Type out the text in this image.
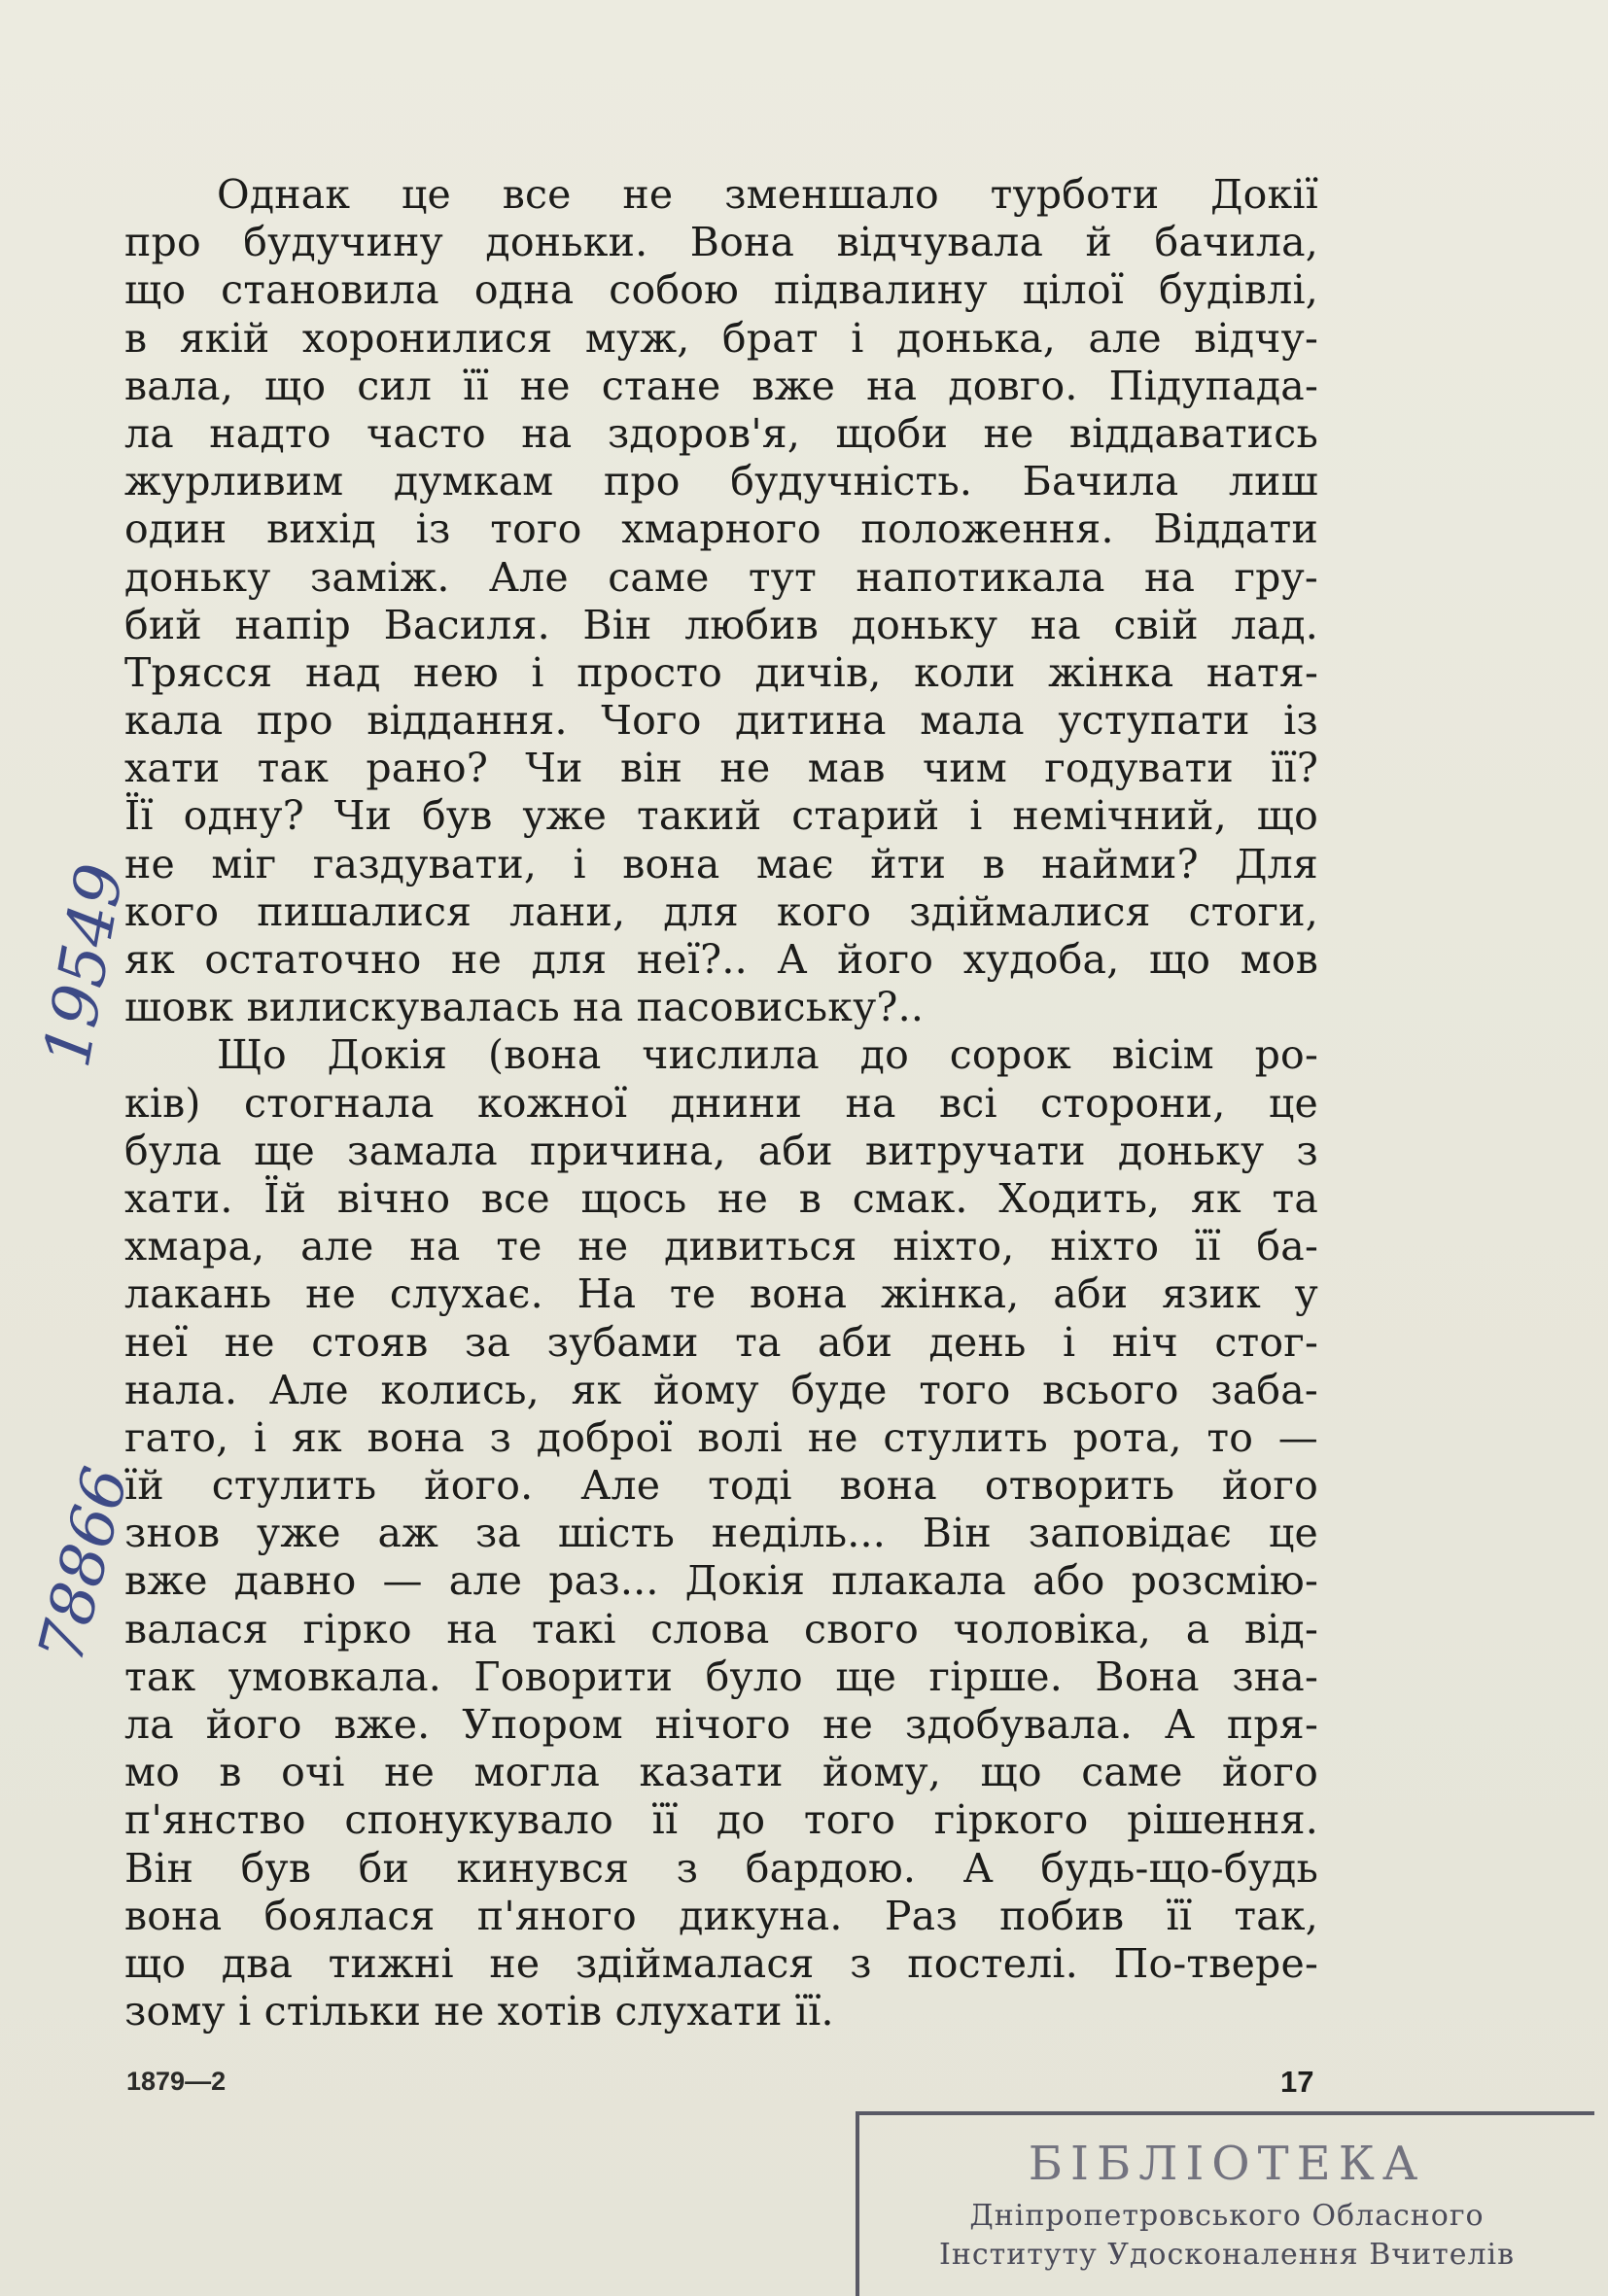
Однак це все не зменшало турботи Докії
про будучину доньки. Вона відчувала й бачила,
що становила одна собою підвалину цілої будівлі,
в якій хоронилися муж, брат і донька, але відчу-
вала, що сил її не стане вже на довго. Підупада-
ла надто часто на здоров'я, щоби не віддаватись
журливим думкам про будучність. Бачила лиш
один вихід із того хмарного положення. Віддати
доньку заміж. Але саме тут напотикала на гру-
бий напір Василя. Він любив доньку на свій лад.
Трясся над нею і просто дичів, коли жінка натя-
кала про віддання. Чого дитина мала уступати із
хати так рано? Чи він не мав чим годувати її?
Її одну? Чи був уже такий старий і немічний, що
не міг газдувати, і вона має йти в найми? Для
кого пишалися лани, для кого здіймалися стоги,
як остаточно не для неї?.. А його худоба, що мов
шовк вилискувалась на пасовиську?..

Що Докія (вона числила до сорок вісім ро-
ків) стогнала кожної днини на всі сторони, це
була ще замала причина, аби витручати доньку з
хати. Їй вічно все щось не в смак. Ходить, як та
хмара, але на те не дивиться ніхто, ніхто її ба-
лакань не слухає. На те вона жінка, аби язик у
неї не стояв за зубами та аби день і ніч стог-
нала. Але колись, як йому буде того всього заба-
гато, і як вона з доброї волі не стулить рота, то —
їй стулить його. Але тоді вона отворить його
знов уже аж за шість неділь... Він заповідає це
вже давно — але раз... Докія плакала або розсмію-
валася гірко на такі слова свого чоловіка, а від-
так умовкала. Говорити було ще гірше. Вона зна-
ла його вже. Упором нічого не здобувала. А пря-
мо в очі не могла казати йому, що саме його
п'янство спонукувало її до того гіркого рішення.
Він був би кинувся з бардою. А будь-що-будь
вона боялася п'яного дикуна. Раз побив її так,
що два тижні не здіймалася з постелі. По-твере-
зому і стільки не хотів слухати її.

1879—2	17
19549
78866
БІБЛІОТЕКА
Дніпропетровського Обласного
Інституту Удосконалення Вчителів
